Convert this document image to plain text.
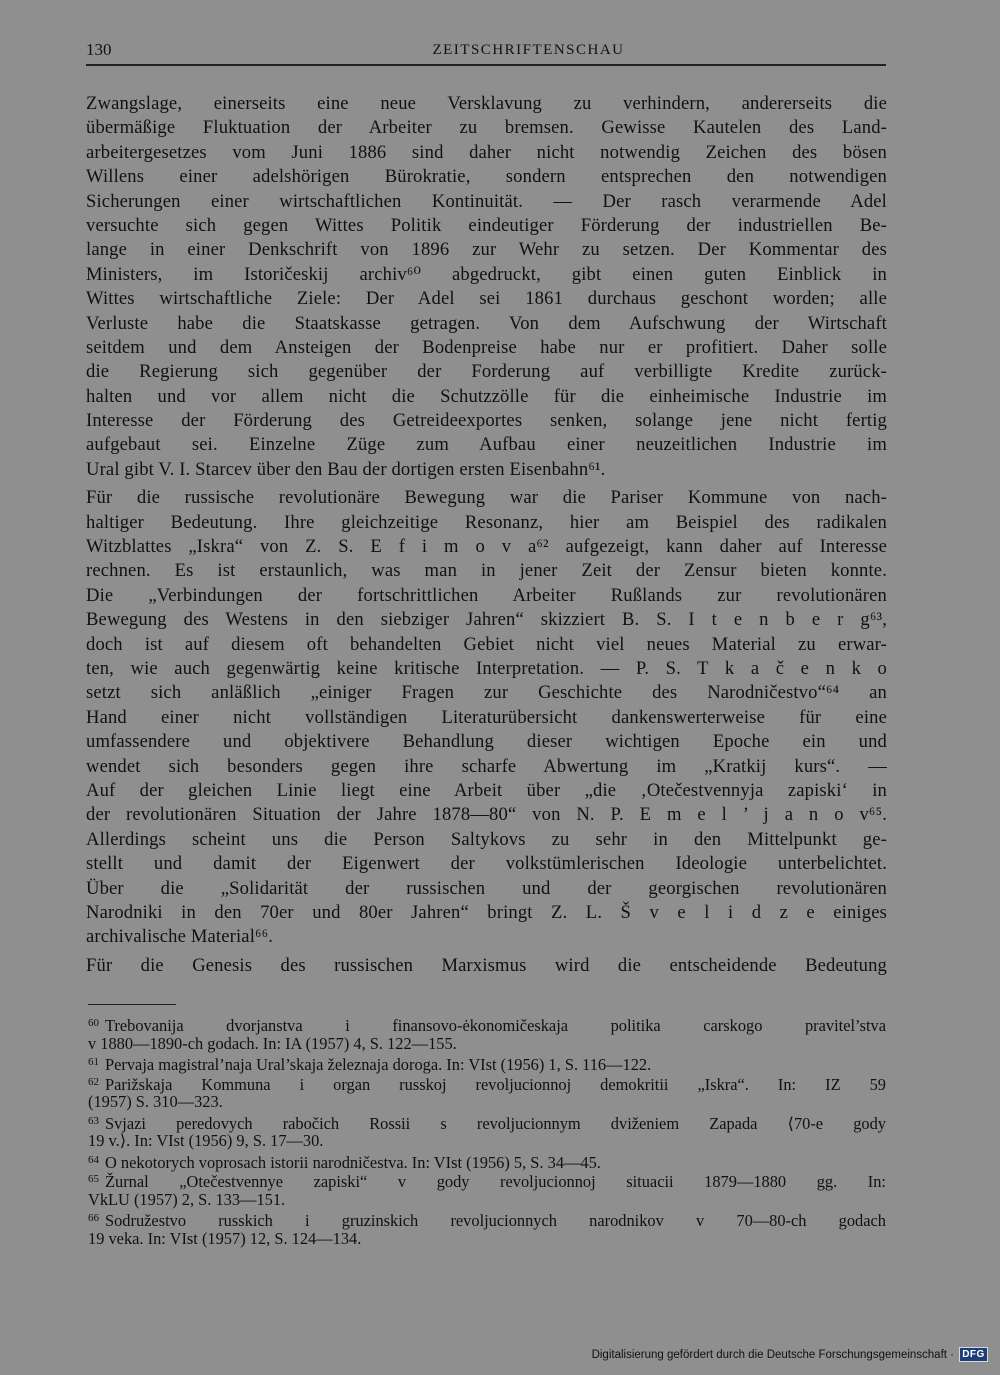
130	ZEITSCHRIFTENSCHAU

Zwangslage, einerseits eine neue Versklavung zu verhindern, andererseits die
übermäßige Fluktuation der Arbeiter zu bremsen. Gewisse Kautelen des Land-
arbeitergesetzes vom Juni 1886 sind daher nicht notwendig Zeichen des bösen
Willens einer adelshörigen Bürokratie, sondern entsprechen den notwendigen
Sicherungen einer wirtschaftlichen Kontinuität. — Der rasch verarmende Adel
versuchte sich gegen Wittes Politik eindeutiger Förderung der industriellen Be-
lange in einer Denkschrift von 1896 zur Wehr zu setzen. Der Kommentar des
Ministers, im Istoričeskij archiv⁶⁰ abgedruckt, gibt einen guten Einblick in
Wittes wirtschaftliche Ziele: Der Adel sei 1861 durchaus geschont worden; alle
Verluste habe die Staatskasse getragen. Von dem Aufschwung der Wirtschaft
seitdem und dem Ansteigen der Bodenpreise habe nur er profitiert. Daher solle
die Regierung sich gegenüber der Forderung auf verbilligte Kredite zurück-
halten und vor allem nicht die Schutzzölle für die einheimische Industrie im
Interesse der Förderung des Getreideexportes senken, solange jene nicht fertig
aufgebaut sei. Einzelne Züge zum Aufbau einer neuzeitlichen Industrie im
Ural gibt V. I. Starcev über den Bau der dortigen ersten Eisenbahn⁶¹.

Für die russische revolutionäre Bewegung war die Pariser Kommune von nach-
haltiger Bedeutung. Ihre gleichzeitige Resonanz, hier am Beispiel des radikalen
Witzblattes „Iskra“ von Z. S. E f i m o v a⁶² aufgezeigt, kann daher auf Interesse
rechnen. Es ist erstaunlich, was man in jener Zeit der Zensur bieten konnte.
Die „Verbindungen der fortschrittlichen Arbeiter Rußlands zur revolutionären
Bewegung des Westens in den siebziger Jahren“ skizziert B. S. I t e n b e r g⁶³,
doch ist auf diesem oft behandelten Gebiet nicht viel neues Material zu erwar-
ten, wie auch gegenwärtig keine kritische Interpretation. — P. S. T k a č e n k o
setzt sich anläßlich „einiger Fragen zur Geschichte des Narodničestvo“⁶⁴ an
Hand einer nicht vollständigen Literaturübersicht dankenswerterweise für eine
umfassendere und objektivere Behandlung dieser wichtigen Epoche ein und
wendet sich besonders gegen ihre scharfe Abwertung im „Kratkij kurs“. —
Auf der gleichen Linie liegt eine Arbeit über „die ‚Otečestvennyja zapiski‘ in
der revolutionären Situation der Jahre 1878—80“ von N. P. E m e l ’ j a n o v⁶⁵.
Allerdings scheint uns die Person Saltykovs zu sehr in den Mittelpunkt ge-
stellt und damit der Eigenwert der volkstümlerischen Ideologie unterbelichtet.
Über die „Solidarität der russischen und der georgischen revolutionären
Narodniki in den 70er und 80er Jahren“ bringt Z. L. Š v e l i d z e einiges
archivalische Material⁶⁶.

Für die Genesis des russischen Marxismus wird die entscheidende Bedeutung

$^{60}$ Trebovanija dvorjanstva i finansovo-ėkonomičeskaja politika carskogo pravitel’stva
v 1880—1890-ch godach. In: IA (1957) 4, S. 122—155.
$^{61}$ Pervaja magistral’naja Ural’skaja železnaja doroga. In: VIst (1956) 1, S. 116—122.
$^{62}$ Parižskaja Kommuna i organ russkoj revoljucionnoj demokritii „Iskra“. In: IZ 59
(1957) S. 310—323.
$^{63}$ Svjazi peredovych rabočich Rossii s revoljucionnym dviženiem Zapada ⟨70-e gody
19 v.⟩. In: VIst (1956) 9, S. 17—30.
$^{64}$ O nekotorych voprosach istorii narodničestva. In: VIst (1956) 5, S. 34—45.
$^{65}$ Žurnal „Otečestvennye zapiski“ v gody revoljucionnoj situacii 1879—1880 gg. In:
VkLU (1957) 2, S. 133—151.
$^{66}$ Sodružestvo russkich i gruzinskich revoljucionnych narodnikov v 70—80-ch godach
19 veka. In: VIst (1957) 12, S. 124—134.
Digitalisierung gefördert durch die Deutsche Forschungsgemeinschaft · DFG
